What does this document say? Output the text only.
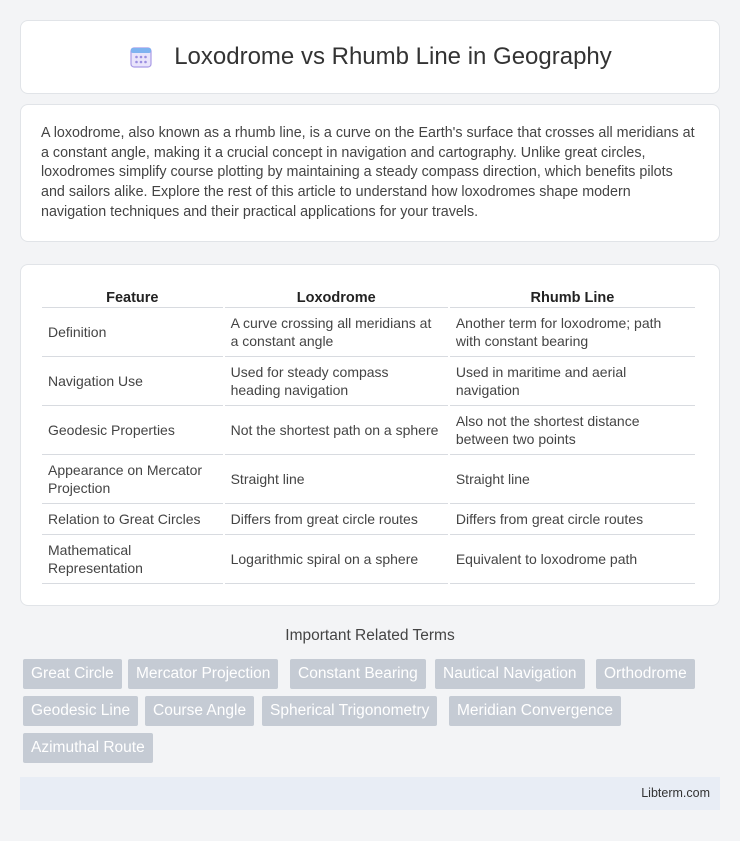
Loxodrome vs Rhumb Line in Geography

A loxodrome, also known as a rhumb line, is a curve on the Earth's surface that crosses all meridians at a constant angle, making it a crucial concept in navigation and cartography. Unlike great circles, loxodromes simplify course plotting by maintaining a steady compass direction, which benefits pilots and sailors alike. Explore the rest of this article to understand how loxodromes shape modern navigation techniques and their practical applications for your travels.

Feature	Loxodrome	Rhumb Line
Definition	A curve crossing all meridians at a constant angle	Another term for loxodrome; path with constant bearing
Navigation Use	Used for steady compass heading navigation	Used in maritime and aerial navigation
Geodesic Properties	Not the shortest path on a sphere	Also not the shortest distance between two points
Appearance on Mercator Projection	Straight line	Straight line
Relation to Great Circles	Differs from great circle routes	Differs from great circle routes
Mathematical Representation	Logarithmic spiral on a sphere	Equivalent to loxodrome path
Important Related Terms
Great Circle	Mercator Projection	Constant Bearing	Nautical Navigation	Orthodrome
Geodesic Line	Course Angle	Spherical Trigonometry	Meridian Convergence
Azimuthal Route
Libterm.com
